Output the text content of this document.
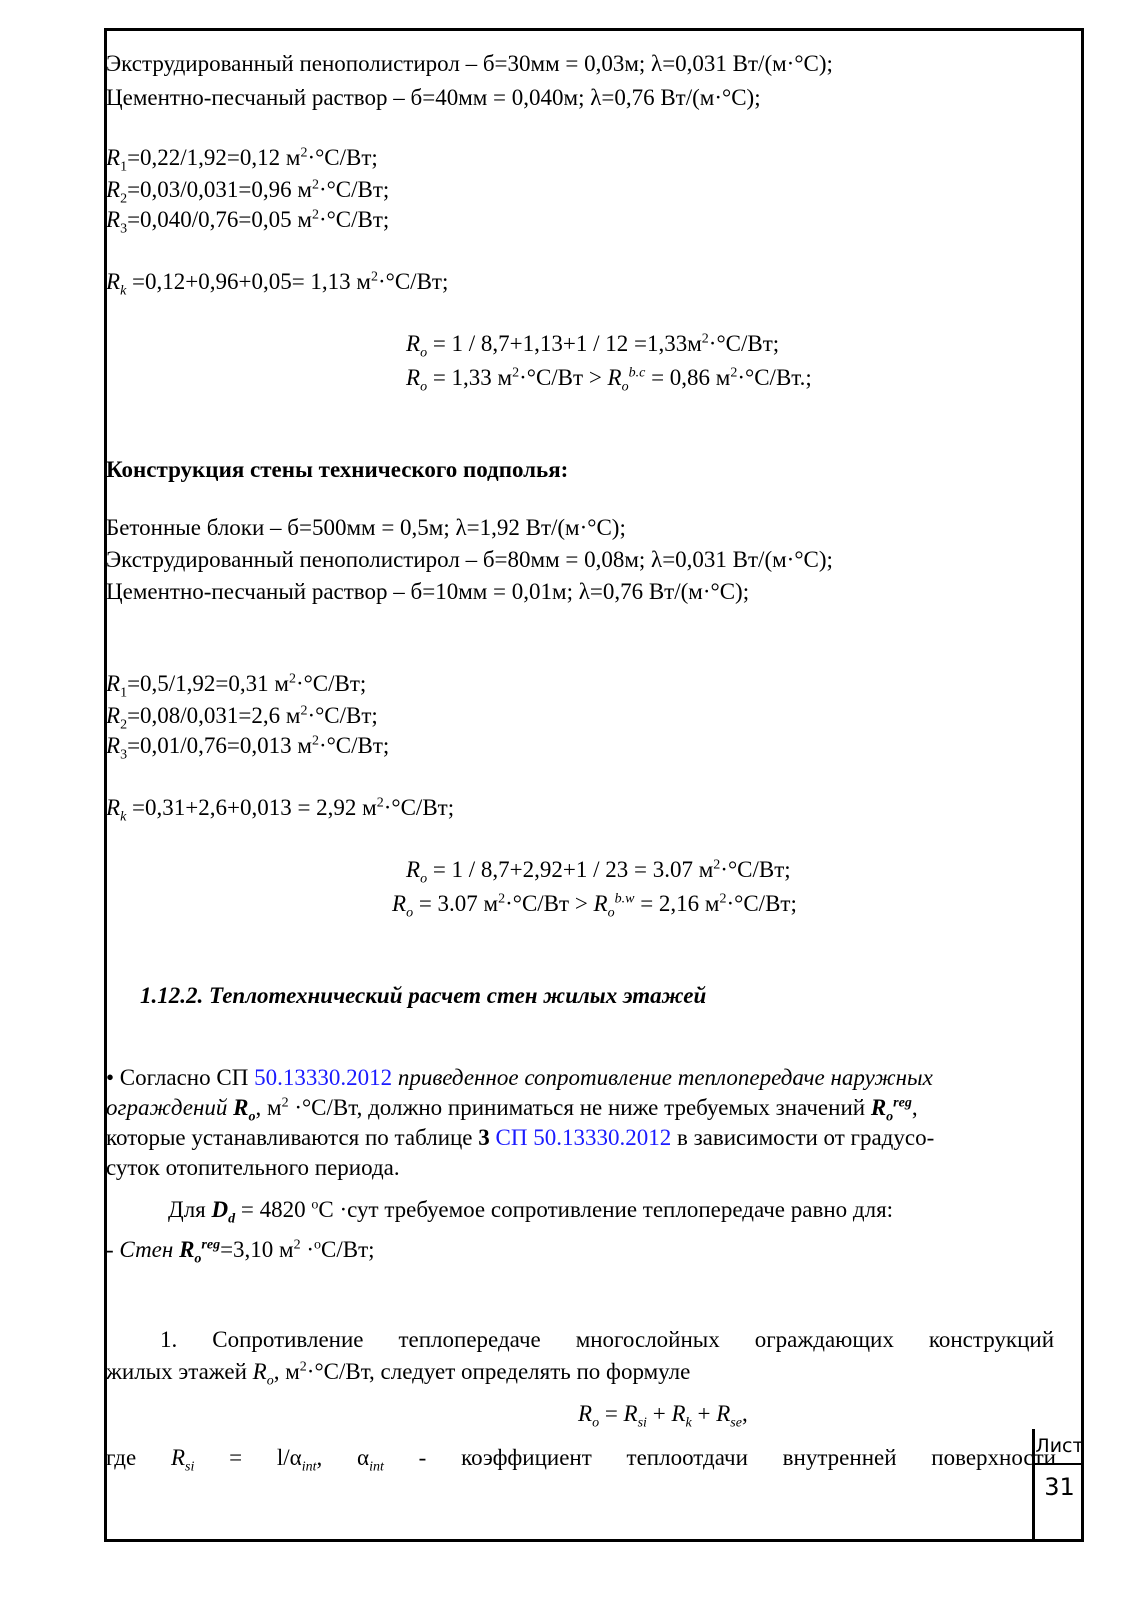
Экструдированный пенополистирол – б=30мм = 0,03м; λ=0,031 Вт/(м·°С);
Цементно-песчаный раствор – б=40мм = 0,040м; λ=0,76 Вт/(м·°С);
$R_1=0,22/1,92=0,12$ $м^2\cdot^\circ С/Вт$;
$R_2=0,03/0,031=0,96$ $м^2\cdot^\circ С/Вт$;
$R_3=0,040/0,76=0,05$ $м^2\cdot^\circ С/Вт$;
$R_k =0,12+0,96+0,05= 1,13$ $м^2\cdot^\circ С/Вт$;
$R_o = 1 / 8,7+1,13+1 / 12 =1,33м^2\cdot^\circ С/Вт$;
$R_o = 1,33$ $м^2\cdot^\circ С/Вт > R_o^{b.c} = 0,86$ $м^2\cdot^\circ С/Вт$.;
Конструкция стены технического подполья:
Бетонные блоки – б=500мм = 0,5м; λ=1,92 Вт/(м·°С);
Экструдированный пенополистирол – б=80мм = 0,08м; λ=0,031 Вт/(м·°С);
Цементно-песчаный раствор – б=10мм = 0,01м; λ=0,76 Вт/(м·°С);
$R_1=0,5/1,92=0,31$ $м^2\cdot^\circ С/Вт$;
$R_2=0,08/0,031=2,6$ $м^2\cdot^\circ С/Вт$;
$R_3=0,01/0,76=0,013$ $м^2\cdot^\circ С/Вт$;
$R_k =0,31+2,6+0,013 = 2,92$ $м^2\cdot^\circ С/Вт$;
$R_o = 1 / 8,7+2,92+1 / 23 = 3.07$ $м^2\cdot^\circ С/Вт$;
$R_o = 3.07$ $м^2\cdot^\circ С/Вт > R_o^{b.w} = 2,16$ $м^2\cdot^\circ С/Вт$;
1.12.2. Теплотехнический расчет стен жилых этажей
• Согласно СП 50.13330.2012 приведенное сопротивление теплопередаче наружных
ограждений $R_o$, $м^2 \cdot^\circ С/Вт$, должно приниматься не ниже требуемых значений $R_o^{reg}$,
которые устанавливаются по таблице 3 СП 50.13330.2012 в зависимости от градусо-
суток отопительного периода.
Для $D_d = 4820$ $^o$С ·сут требуемое сопротивление теплопередаче равно для:
- Стен $R_o^{reg}=3,10$ $м^2 \cdot^oС/Вт$;
1. Сопротивление теплопередаче многослойных ограждающих конструкций
жилых этажей $R_o$, $м^2\cdot^\circ С/Вт$, следует определять по формуле
$R_o = R_{si} + R_k + R_{se}$,
где $R_{si} = l/\alpha_{int}$, $\alpha_{int}$ - коэффициент теплоотдачи внутренней поверхности
Лист
31
